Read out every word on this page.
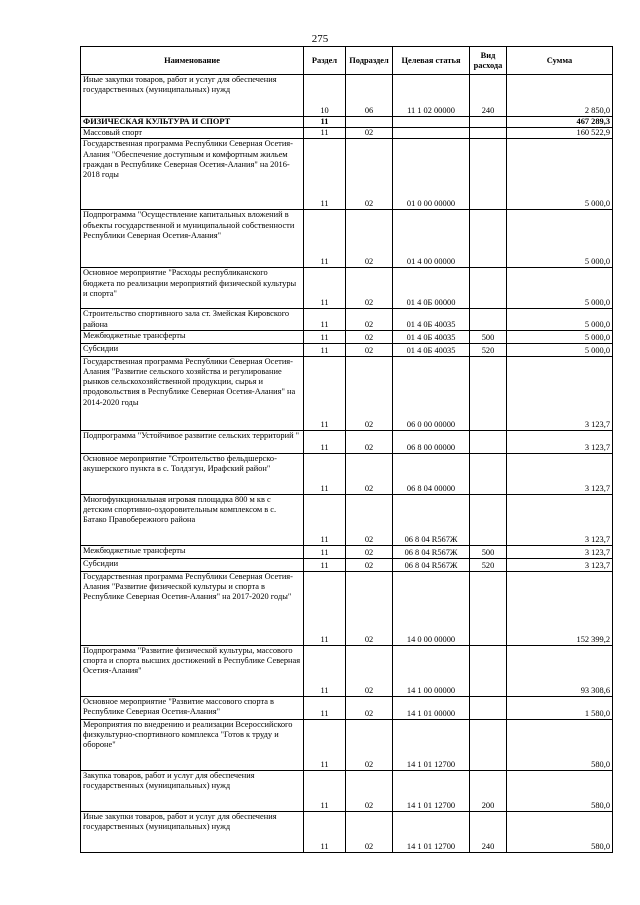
275
Наименование	Раздел	Подраздел	Целевая статья	Вид расхода	Сумма
Иные закупки товаров, работ и услуг для обеспечения государственных (муниципальных) нужд	10	06	11 1 02 00000	240	2 850,0
ФИЗИЧЕСКАЯ КУЛЬТУРА И СПОРТ	11				467 289,3
Массовый спорт	11	02			160 522,9
Государственная программа Республики Северная Осетия-Алания "Обеспечение доступным и комфортным жильем граждан в Республике Северная Осетия-Алания" на 2016-2018 годы	11	02	01 0 00 00000		5 000,0
Подпрограмма "Осуществление капитальных вложений в объекты государственной и муниципальной собственности Республики Северная Осетия-Алания"	11	02	01 4 00 00000		5 000,0
Основное мероприятие "Расходы республиканского бюджета по реализации мероприятий физической культуры и спорта"	11	02	01 4 0Б 00000		5 000,0
Строительство спортивного зала ст. Змейская Кировского района	11	02	01 4 0Б 40035		5 000,0
Межбюджетные трансферты	11	02	01 4 0Б 40035	500	5 000,0
Субсидии	11	02	01 4 0Б 40035	520	5 000,0
Государственная программа Республики Северная Осетия-Алания "Развитие сельского хозяйства и регулирование рынков сельскохозяйственной продукции, сырья и продовольствия в Республике Северная Осетия-Алания" на 2014-2020 годы	11	02	06 0 00 00000		3 123,7
Подпрограмма "Устойчивое развитие сельских территорий "	11	02	06 8 00 00000		3 123,7
Основное мероприятие "Строительство фельдшерско-акушерского пункта в с. Толдзгун, Ирафский район"	11	02	06 8 04 00000		3 123,7
Многофункциональная игровая площадка 800 м кв с детским спортивно-оздоровительным комплексом в с. Батако Правобережного района	11	02	06 8 04 R567Ж		3 123,7
Межбюджетные трансферты	11	02	06 8 04 R567Ж	500	3 123,7
Субсидии	11	02	06 8 04 R567Ж	520	3 123,7
Государственная программа Республики Северная Осетия-Алания "Развитие физической культуры и спорта в Республике Северная Осетия-Алания" на 2017-2020 годы"	11	02	14 0 00 00000		152 399,2
Подпрограмма "Развитие физической культуры, массового спорта и спорта высших достижений в Республике Северная Осетия-Алания"	11	02	14 1 00 00000		93 308,6
Основное мероприятие "Развитие массового спорта в Республике Северная Осетия-Алания"	11	02	14 1 01 00000		1 580,0
Мероприятия по внедрению и реализации Всероссийского физкультурно-спортивного комплекса "Готов к труду и обороне"	11	02	14 1 01 12700		580,0
Закупка товаров, работ и услуг для обеспечения государственных (муниципальных) нужд	11	02	14 1 01 12700	200	580,0
Иные закупки товаров, работ и услуг для обеспечения государственных (муниципальных) нужд	11	02	14 1 01 12700	240	580,0
